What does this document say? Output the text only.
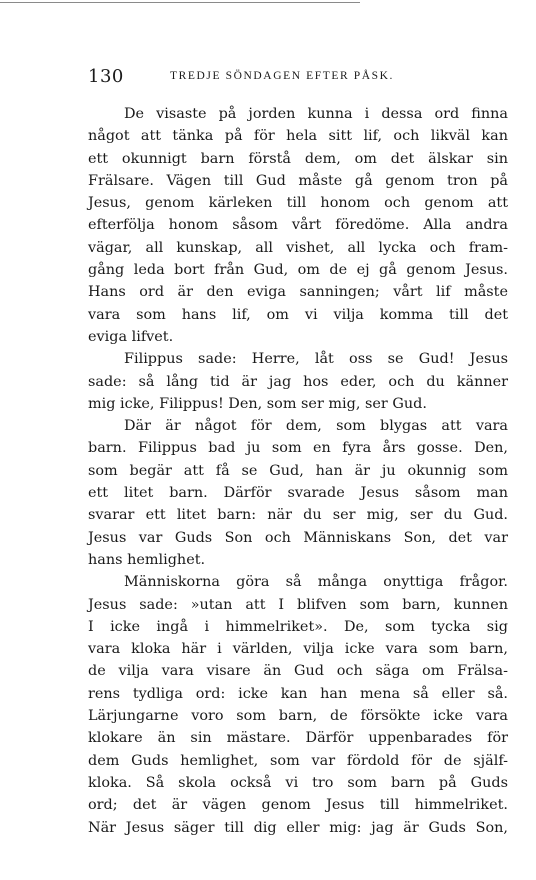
130	TREDJE SÖNDAGEN EFTER PÅSK.
De visaste på jorden kunna i dessa ord finna
något att tänka på för hela sitt lif, och likväl kan
ett okunnigt barn förstå dem, om det älskar sin
Frälsare. Vägen till Gud måste gå genom tron på
Jesus, genom kärleken till honom och genom att
efterfölja honom såsom vårt föredöme. Alla andra
vägar, all kunskap, all vishet, all lycka och fram-
gång leda bort från Gud, om de ej gå genom Jesus.
Hans ord är den eviga sanningen; vårt lif måste
vara som hans lif, om vi vilja komma till det
eviga lifvet.
Filippus sade: Herre, låt oss se Gud! Jesus
sade: så lång tid är jag hos eder, och du känner
mig icke, Filippus! Den, som ser mig, ser Gud.
Där är något för dem, som blygas att vara
barn. Filippus bad ju som en fyra års gosse. Den,
som begär att få se Gud, han är ju okunnig som
ett litet barn. Därför svarade Jesus såsom man
svarar ett litet barn: när du ser mig, ser du Gud.
Jesus var Guds Son och Människans Son, det var
hans hemlighet.
Människorna göra så många onyttiga frågor.
Jesus sade: »utan att I blifven som barn, kunnen
I icke ingå i himmelriket». De, som tycka sig
vara kloka här i världen, vilja icke vara som barn,
de vilja vara visare än Gud och säga om Frälsa-
rens tydliga ord: icke kan han mena så eller så.
Lärjungarne voro som barn, de försökte icke vara
klokare än sin mästare. Därför uppenbarades för
dem Guds hemlighet, som var fördold för de själf-
kloka. Så skola också vi tro som barn på Guds
ord; det är vägen genom Jesus till himmelriket.
När Jesus säger till dig eller mig: jag är Guds Son,
